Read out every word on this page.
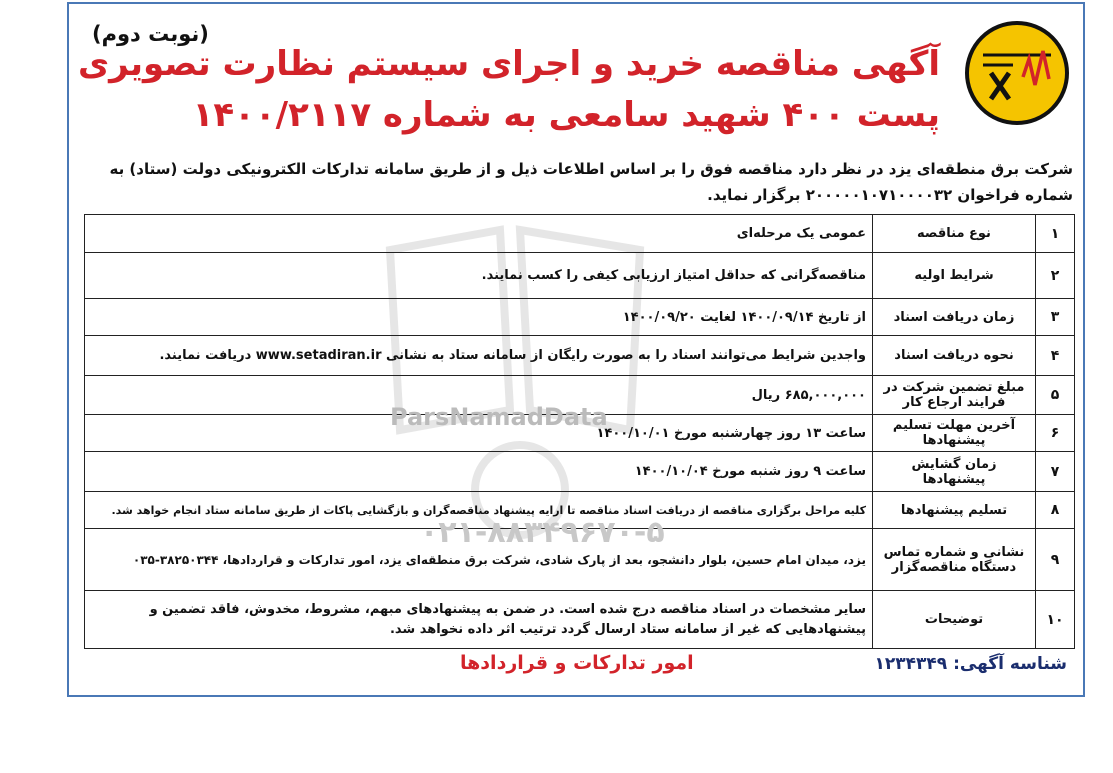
(نوبت دوم)
آگهی مناقصه خرید و اجرای سیستم نظارت تصویری
پست ۴۰۰ شهید سامعی به شماره ۱۴۰۰/۲۱۱۷
شرکت برق منطقه‌ای یزد در نظر دارد مناقصه فوق را بر اساس اطلاعات ذیل و از طریق سامانه تدارکات الکترونیکی دولت (ستاد) به شماره فراخوان ۲۰۰۰۰۰۱۰۷۱۰۰۰۰۳۲ برگزار نماید.
۱	نوع مناقصه	عمومی یک مرحله‌ای
۲	شرایط اولیه	مناقصه‌گرانی که حداقل امتیاز ارزیابی کیفی را کسب نمایند.
۳	زمان دریافت اسناد	از تاریخ ۱۴۰۰/۰۹/۱۴ لغایت ۱۴۰۰/۰۹/۲۰
۴	نحوه دریافت اسناد	واجدین شرایط می‌توانند اسناد را به صورت رایگان از سامانه ستاد به نشانی www.setadiran.ir دریافت نمایند.
۵	مبلغ تضمین شرکت در فرایند ارجاع کار	۶۸۵,۰۰۰,۰۰۰ ریال
۶	آخرین مهلت تسلیم پیشنهادها	ساعت ۱۳ روز چهارشنبه مورخ ۱۴۰۰/۱۰/۰۱
۷	زمان گشایش پیشنهادها	ساعت ۹ روز شنبه مورخ ۱۴۰۰/۱۰/۰۴
۸	تسلیم پیشنهادها	کلیه مراحل برگزاری مناقصه از دریافت اسناد مناقصه تا ارایه پیشنهاد مناقصه‌گران و بازگشایی پاکات از طریق سامانه ستاد انجام خواهد شد.
۹	نشانی و شماره تماس دستگاه مناقصه‌گزار	یزد، میدان امام حسین، بلوار دانشجو، بعد از پارک شادی، شرکت برق منطقه‌ای یزد، امور تدارکات و قراردادها، ۳۸۲۵۰۳۴۴-۰۳۵
۱۰	توضیحات	سایر مشخصات در اسناد مناقصه درج شده است. در ضمن به پیشنهادهای مبهم، مشروط، مخدوش، فاقد تضمین و پیشنهادهایی که غیر از سامانه ستاد ارسال گردد ترتیب اثر داده نخواهد شد.
ParsNamadData
۰۲۱-۸۸۳۴۹۶۷۰-۵
شناسه آگهی: ۱۲۳۴۳۴۹
امور تدارکات و قراردادها
